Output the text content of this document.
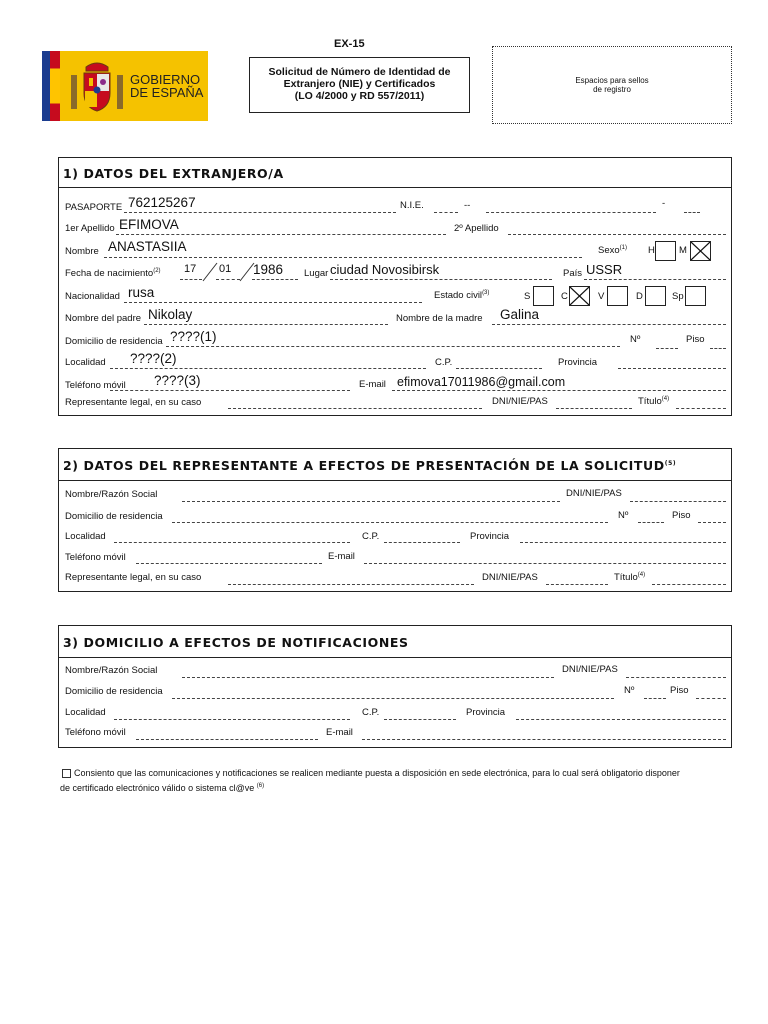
GOBIERNO
DE ESPAÑA
EX-15
Solicitud de Número de Identidad de
Extranjero (NIE) y Certificados
(LO 4/2000 y RD 557/2011)
Espacios para sellos
de registro
1) DATOS DEL EXTRANJERO/A
PASAPORTE 762125267	N.I.E.	--	-
1er Apellido EFIMOVA	2º Apellido
Nombre ANASTASIIA	Sexo$^{(1)}$ H	M
Fecha de nacimiento$^{(2)}$ 17 01 1986 Lugar ciudad Novosibirsk	País USSR
Nacionalidad rusa	Estado civil$^{(3)}$	S	C	V	D	Sp
Nombre del padre Nikolay	Nombre de la madre Galina
Domicilio de residencia ????(1)	Nº	Piso
Localidad ????(2)	C.P.	Provincia
Teléfono móvil ????(3)	E-mail efimova17011986@gmail.com
Representante legal, en su caso	DNI/NIE/PAS	Título$^{(4)}$
2) DATOS DEL REPRESENTANTE A EFECTOS DE PRESENTACIÓN DE LA SOLICITUD$^{(5)}$
Nombre/Razón Social	DNI/NIE/PAS
Domicilio de residencia	Nº	Piso
Localidad	C.P.	Provincia
Teléfono móvil	E-mail
Representante legal, en su caso	DNI/NIE/PAS	Título$^{(4)}$
3) DOMICILIO A EFECTOS DE NOTIFICACIONES
Nombre/Razón Social	DNI/NIE/PAS
Domicilio de residencia	Nº	Piso
Localidad	C.P.	Provincia
Teléfono móvil	E-mail
Consiento que las comunicaciones y notificaciones se realicen mediante puesta a disposición en sede electrónica, para lo cual será obligatorio disponer
de certificado electrónico válido o sistema cl@ve $^{(6)}$
